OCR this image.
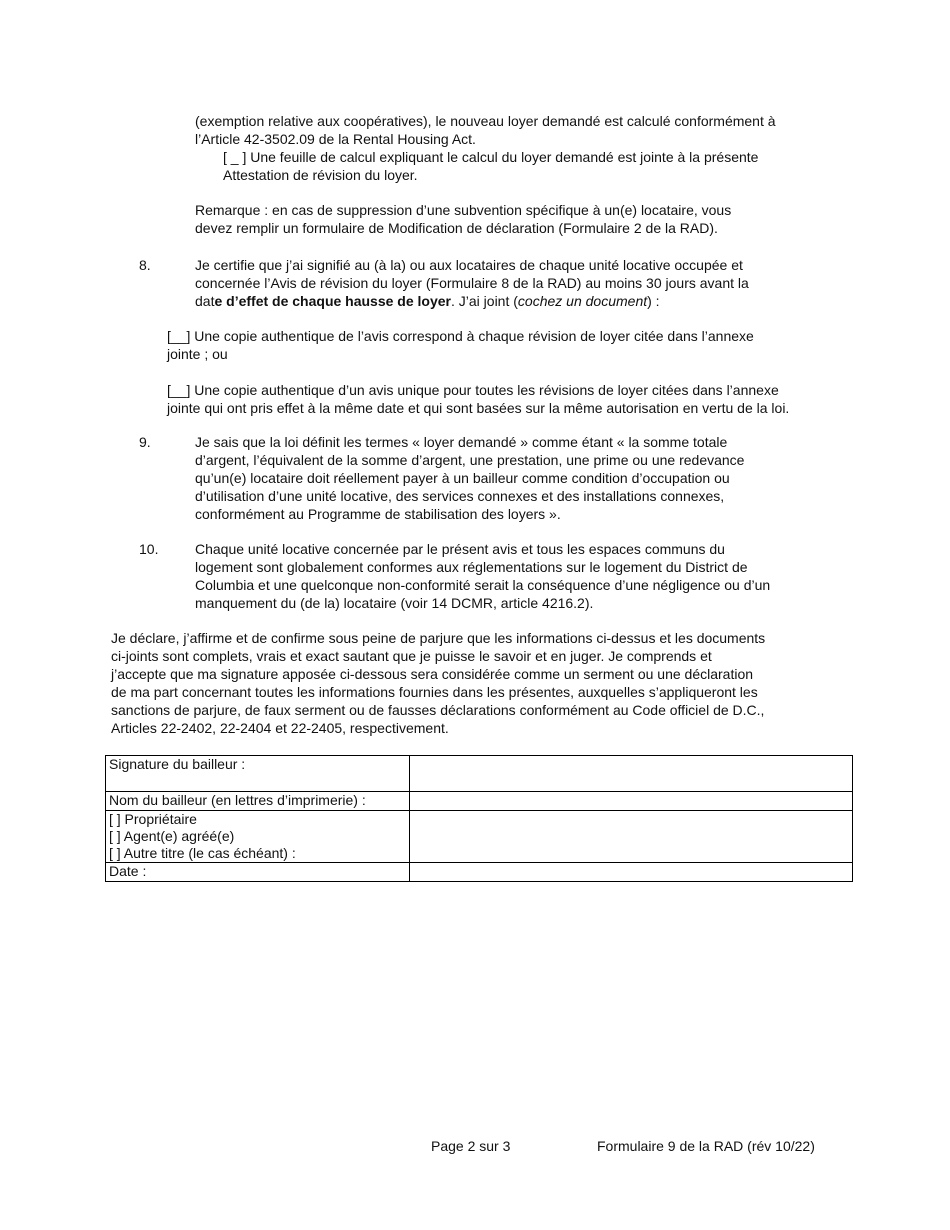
(exemption relative aux coopératives), le nouveau loyer demandé est calculé conformément à
l’Article 42-3502.09 de la Rental Housing Act.
[ _ ] Une feuille de calcul expliquant le calcul du loyer demandé est jointe à la présente
Attestation de révision du loyer.
Remarque : en cas de suppression d’une subvention spécifique à un(e) locataire, vous
devez remplir un formulaire de Modification de déclaration (Formulaire 2 de la RAD).
8.	Je certifie que j’ai signifié au (à la) ou aux locataires de chaque unité locative occupée et
concernée l’Avis de révision du loyer (Formulaire 8 de la RAD) au moins 30 jours avant la
date d’effet de chaque hausse de loyer. J’ai joint (cochez un document) :
[__] Une copie authentique de l’avis correspond à chaque révision de loyer citée dans l’annexe
jointe ; ou
[__] Une copie authentique d’un avis unique pour toutes les révisions de loyer citées dans l’annexe
jointe qui ont pris effet à la même date et qui sont basées sur la même autorisation en vertu de la loi.
9.	Je sais que la loi définit les termes « loyer demandé » comme étant « la somme totale
d’argent, l’équivalent de la somme d’argent, une prestation, une prime ou une redevance
qu’un(e) locataire doit réellement payer à un bailleur comme condition d’occupation ou
d’utilisation d’une unité locative, des services connexes et des installations connexes,
conformément au Programme de stabilisation des loyers ».
10.	Chaque unité locative concernée par le présent avis et tous les espaces communs du
logement sont globalement conformes aux réglementations sur le logement du District de
Columbia et une quelconque non-conformité serait la conséquence d’une négligence ou d’un
manquement du (de la) locataire (voir 14 DCMR, article 4216.2).
Je déclare, j’affirme et de confirme sous peine de parjure que les informations ci-dessus et les documents
ci-joints sont complets, vrais et exact sautant que je puisse le savoir et en juger. Je comprends et
j’accepte que ma signature apposée ci-dessous sera considérée comme un serment ou une déclaration
de ma part concernant toutes les informations fournies dans les présentes, auxquelles s’appliqueront les
sanctions de parjure, de faux serment ou de fausses déclarations conformément au Code officiel de D.C.,
Articles 22-2402, 22-2404 et 22-2405, respectivement.
Signature du bailleur :	
Nom du bailleur (en lettres d’imprimerie) :	

[ ] Propriétaire
[ ] Agent(e) agréé(e)
[ ] Autre titre (le cas échéant) :	

Date :	
Page 2 sur 3	Formulaire 9 de la RAD (rév 10/22)
